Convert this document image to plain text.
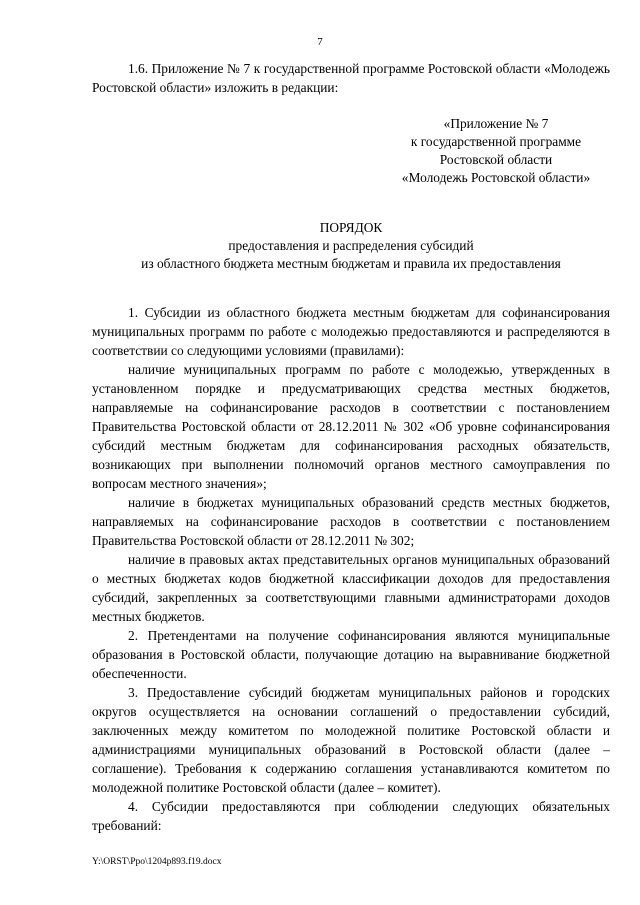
7

1.6. Приложение № 7 к государственной программе Ростовской области «Молодежь Ростовской области» изложить в редакции:

«Приложение № 7
к государственной программе
Ростовской области
«Молодежь Ростовской области»
ПОРЯДОК
предоставления и распределения субсидий
из областного бюджета местным бюджетам и правила их предоставления

1. Субсидии из областного бюджета местным бюджетам для софинансирования муниципальных программ по работе с молодежью предоставляются и распределяются в соответствии со следующими условиями (правилами):

наличие муниципальных программ по работе с молодежью, утвержденных в установленном порядке и предусматривающих средства местных бюджетов, направляемые на софинансирование расходов в соответствии с постановлением Правительства Ростовской области от 28.12.2011 № 302 «Об уровне софинансирования субсидий местным бюджетам для софинансирования расходных обязательств, возникающих при выполнении полномочий органов местного самоуправления по вопросам местного значения»;

наличие в бюджетах муниципальных образований средств местных бюджетов, направляемых на софинансирование расходов в соответствии с постановлением Правительства Ростовской области от 28.12.2011 № 302;

наличие в правовых актах представительных органов муниципальных образований о местных бюджетах кодов бюджетной классификации доходов для предоставления субсидий, закрепленных за соответствующими главными администраторами доходов местных бюджетов.

2. Претендентами на получение софинансирования являются муниципальные образования в Ростовской области, получающие дотацию на выравнивание бюджетной обеспеченности.

3. Предоставление субсидий бюджетам муниципальных районов и городских округов осуществляется на основании соглашений о предоставлении субсидий, заключенных между комитетом по молодежной политике Ростовской области и администрациями муниципальных образований в Ростовской области (далее – соглашение). Требования к содержанию соглашения устанавливаются комитетом по молодежной политике Ростовской области (далее – комитет).

4. Субсидии предоставляются при соблюдении следующих обязательных требований:

Y:\ORST\Ppo\1204p893.f19.docx
